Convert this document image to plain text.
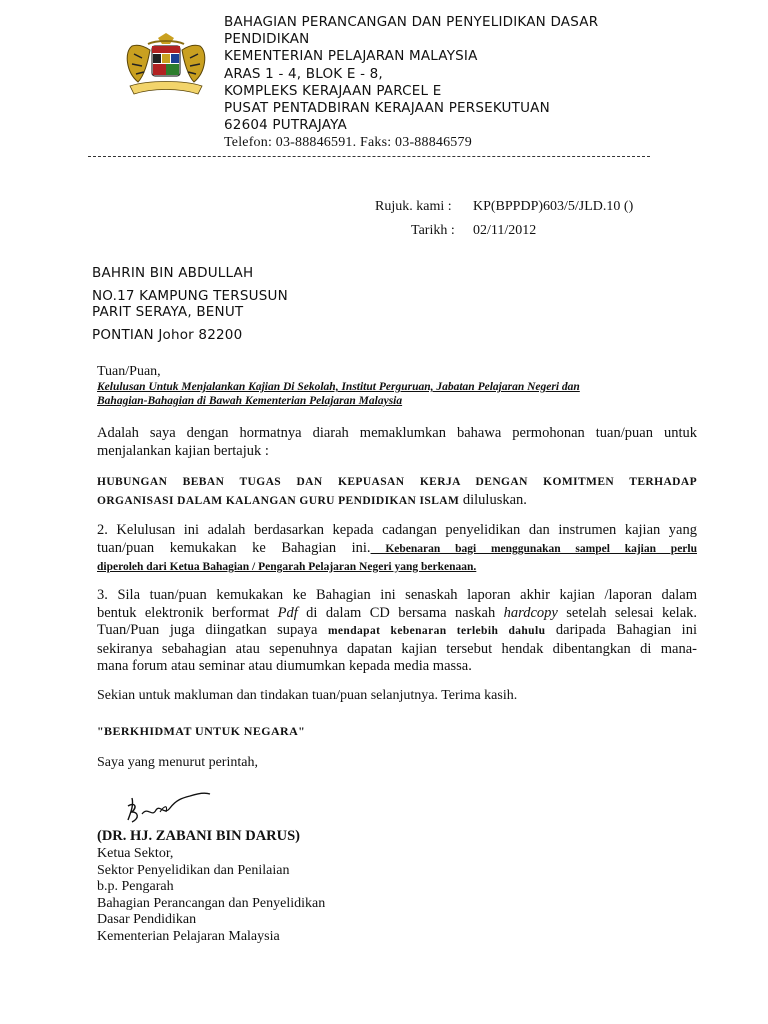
BAHAGIAN PERANCANGAN DAN PENYELIDIKAN DASAR
PENDIDIKAN
KEMENTERIAN PELAJARAN MALAYSIA
ARAS 1 - 4, BLOK E - 8,
KOMPLEKS KERAJAAN PARCEL E
PUSAT PENTADBIRAN KERAJAAN PERSEKUTUAN
62604 PUTRAJAYA
Telefon: 03-88846591. Faks: 03-88846579
Rujuk. kami : KP(BPPDP)603/5/JLD.10 ()
Tarikh : 02/11/2012
BAHRIN BIN ABDULLAH
NO.17 KAMPUNG TERSUSUN
PARIT SERAYA, BENUT
PONTIAN Johor 82200
Tuan/Puan,
Kelulusan Untuk Menjalankan Kajian Di Sekolah, Institut Perguruan, Jabatan Pelajaran Negeri dan
Bahagian-Bahagian di Bawah Kementerian Pelajaran Malaysia
Adalah saya dengan hormatnya diarah memaklumkan bahawa permohonan tuan/puan untuk menjalankan kajian bertajuk :
HUBUNGAN BEBAN TUGAS DAN KEPUASAN KERJA DENGAN KOMITMEN TERHADAP
ORGANISASI DALAM KALANGAN GURU PENDIDIKAN ISLAM diluluskan.
2. Kelulusan ini adalah berdasarkan kepada cadangan penyelidikan dan instrumen kajian yang
tuan/puan kemukakan ke Bahagian ini. Kebenaran bagi menggunakan sampel kajian perlu
diperoleh dari Ketua Bahagian / Pengarah Pelajaran Negeri yang berkenaan.
3. Sila tuan/puan kemukakan ke Bahagian ini senaskah laporan akhir kajian /laporan dalam
bentuk elektronik berformat Pdf di dalam CD bersama naskah hardcopy setelah selesai kelak.
Tuan/Puan juga diingatkan supaya mendapat kebenaran terlebih dahulu daripada Bahagian ini
sekiranya sebahagian atau sepenuhnya dapatan kajian tersebut hendak dibentangkan di mana-
mana forum atau seminar atau diumumkan kepada media massa.
Sekian untuk makluman dan tindakan tuan/puan selanjutnya. Terima kasih.
"BERKHIDMAT UNTUK NEGARA"
Saya yang menurut perintah,
(DR. HJ. ZABANI BIN DARUS)
Ketua Sektor,
Sektor Penyelidikan dan Penilaian
b.p. Pengarah
Bahagian Perancangan dan Penyelidikan
Dasar Pendidikan
Kementerian Pelajaran Malaysia
